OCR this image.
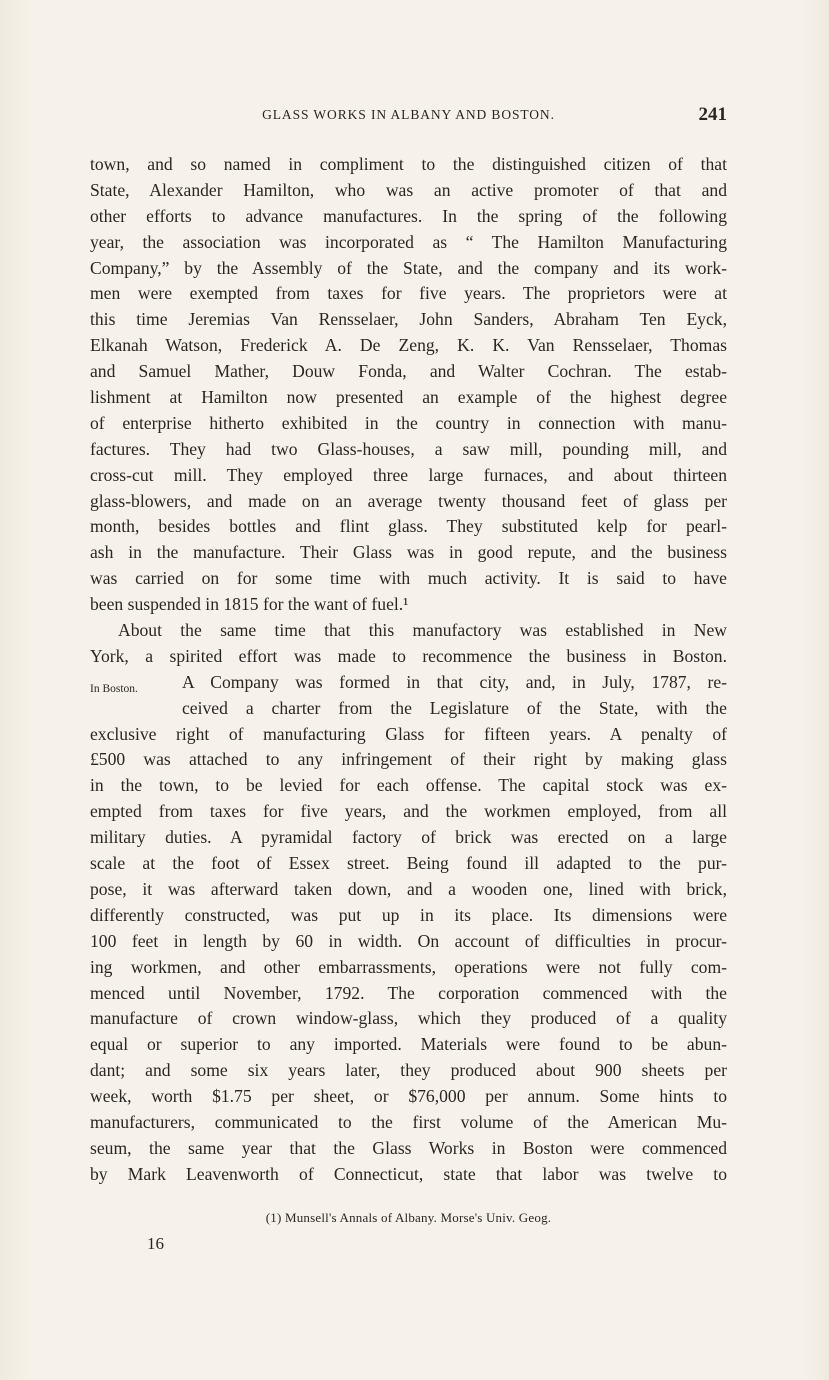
GLASS WORKS IN ALBANY AND BOSTON.	241
town, and so named in compliment to the distinguished citizen of that
State, Alexander Hamilton, who was an active promoter of that and
other efforts to advance manufactures. In the spring of the following
year, the association was incorporated as “ The Hamilton Manufacturing
Company,” by the Assembly of the State, and the company and its work-
men were exempted from taxes for five years. The proprietors were at
this time Jeremias Van Rensselaer, John Sanders, Abraham Ten Eyck,
Elkanah Watson, Frederick A. De Zeng, K. K. Van Rensselaer, Thomas
and Samuel Mather, Douw Fonda, and Walter Cochran. The estab-
lishment at Hamilton now presented an example of the highest degree
of enterprise hitherto exhibited in the country in connection with manu-
factures. They had two Glass-houses, a saw mill, pounding mill, and
cross-cut mill. They employed three large furnaces, and about thirteen
glass-blowers, and made on an average twenty thousand feet of glass per
month, besides bottles and flint glass. They substituted kelp for pearl-
ash in the manufacture. Their Glass was in good repute, and the business
was carried on for some time with much activity. It is said to have
been suspended in 1815 for the want of fuel.¹
About the same time that this manufactory was established in New
York, a spirited effort was made to recommence the business in Boston.
A Company was formed in that city, and, in July, 1787, re-
ceived a charter from the Legislature of the State, with the
exclusive right of manufacturing Glass for fifteen years. A penalty of
£500 was attached to any infringement of their right by making glass
in the town, to be levied for each offense. The capital stock was ex-
empted from taxes for five years, and the workmen employed, from all
military duties. A pyramidal factory of brick was erected on a large
scale at the foot of Essex street. Being found ill adapted to the pur-
pose, it was afterward taken down, and a wooden one, lined with brick,
differently constructed, was put up in its place. Its dimensions were
100 feet in length by 60 in width. On account of difficulties in procur-
ing workmen, and other embarrassments, operations were not fully com-
menced until November, 1792. The corporation commenced with the
manufacture of crown window-glass, which they produced of a quality
equal or superior to any imported. Materials were found to be abun-
dant; and some six years later, they produced about 900 sheets per
week, worth $1.75 per sheet, or $76,000 per annum. Some hints to
manufacturers, communicated to the first volume of the American Mu-
seum, the same year that the Glass Works in Boston were commenced
by Mark Leavenworth of Connecticut, state that labor was twelve to
In Boston.
(1) Munsell's Annals of Albany. Morse's Univ. Geog.
16
